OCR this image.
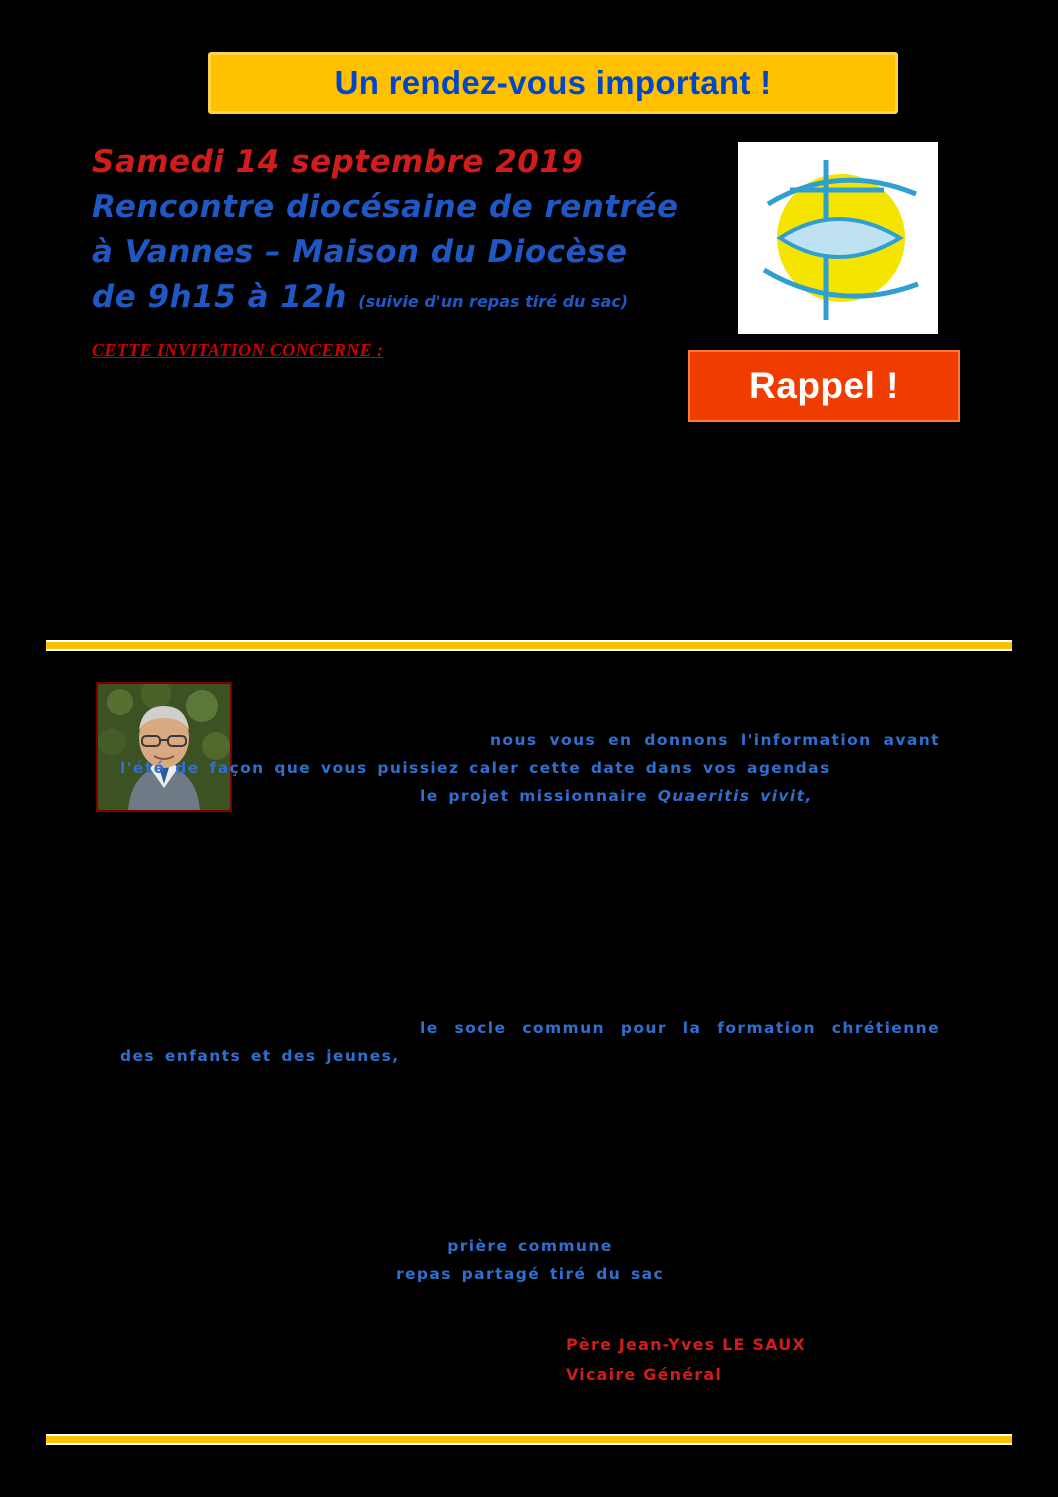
Un rendez-vous important !
Samedi 14 septembre 2019
Rencontre diocésaine de rentrée
à Vannes – Maison du Diocèse
de 9h15 à 12h (suivie d'un repas tiré du sac)
CETTE INVITATION CONCERNE :
Rappel !

nous vous en donnons l'information avant l'été de façon que vous puissiez caler cette date dans vos agendas

le projet missionnaire Quaeritis vivit,

le socle commun pour la formation chrétienne des enfants et des jeunes,
prière commune
repas partagé tiré du sac
Père Jean-Yves LE SAUX
Vicaire Général
